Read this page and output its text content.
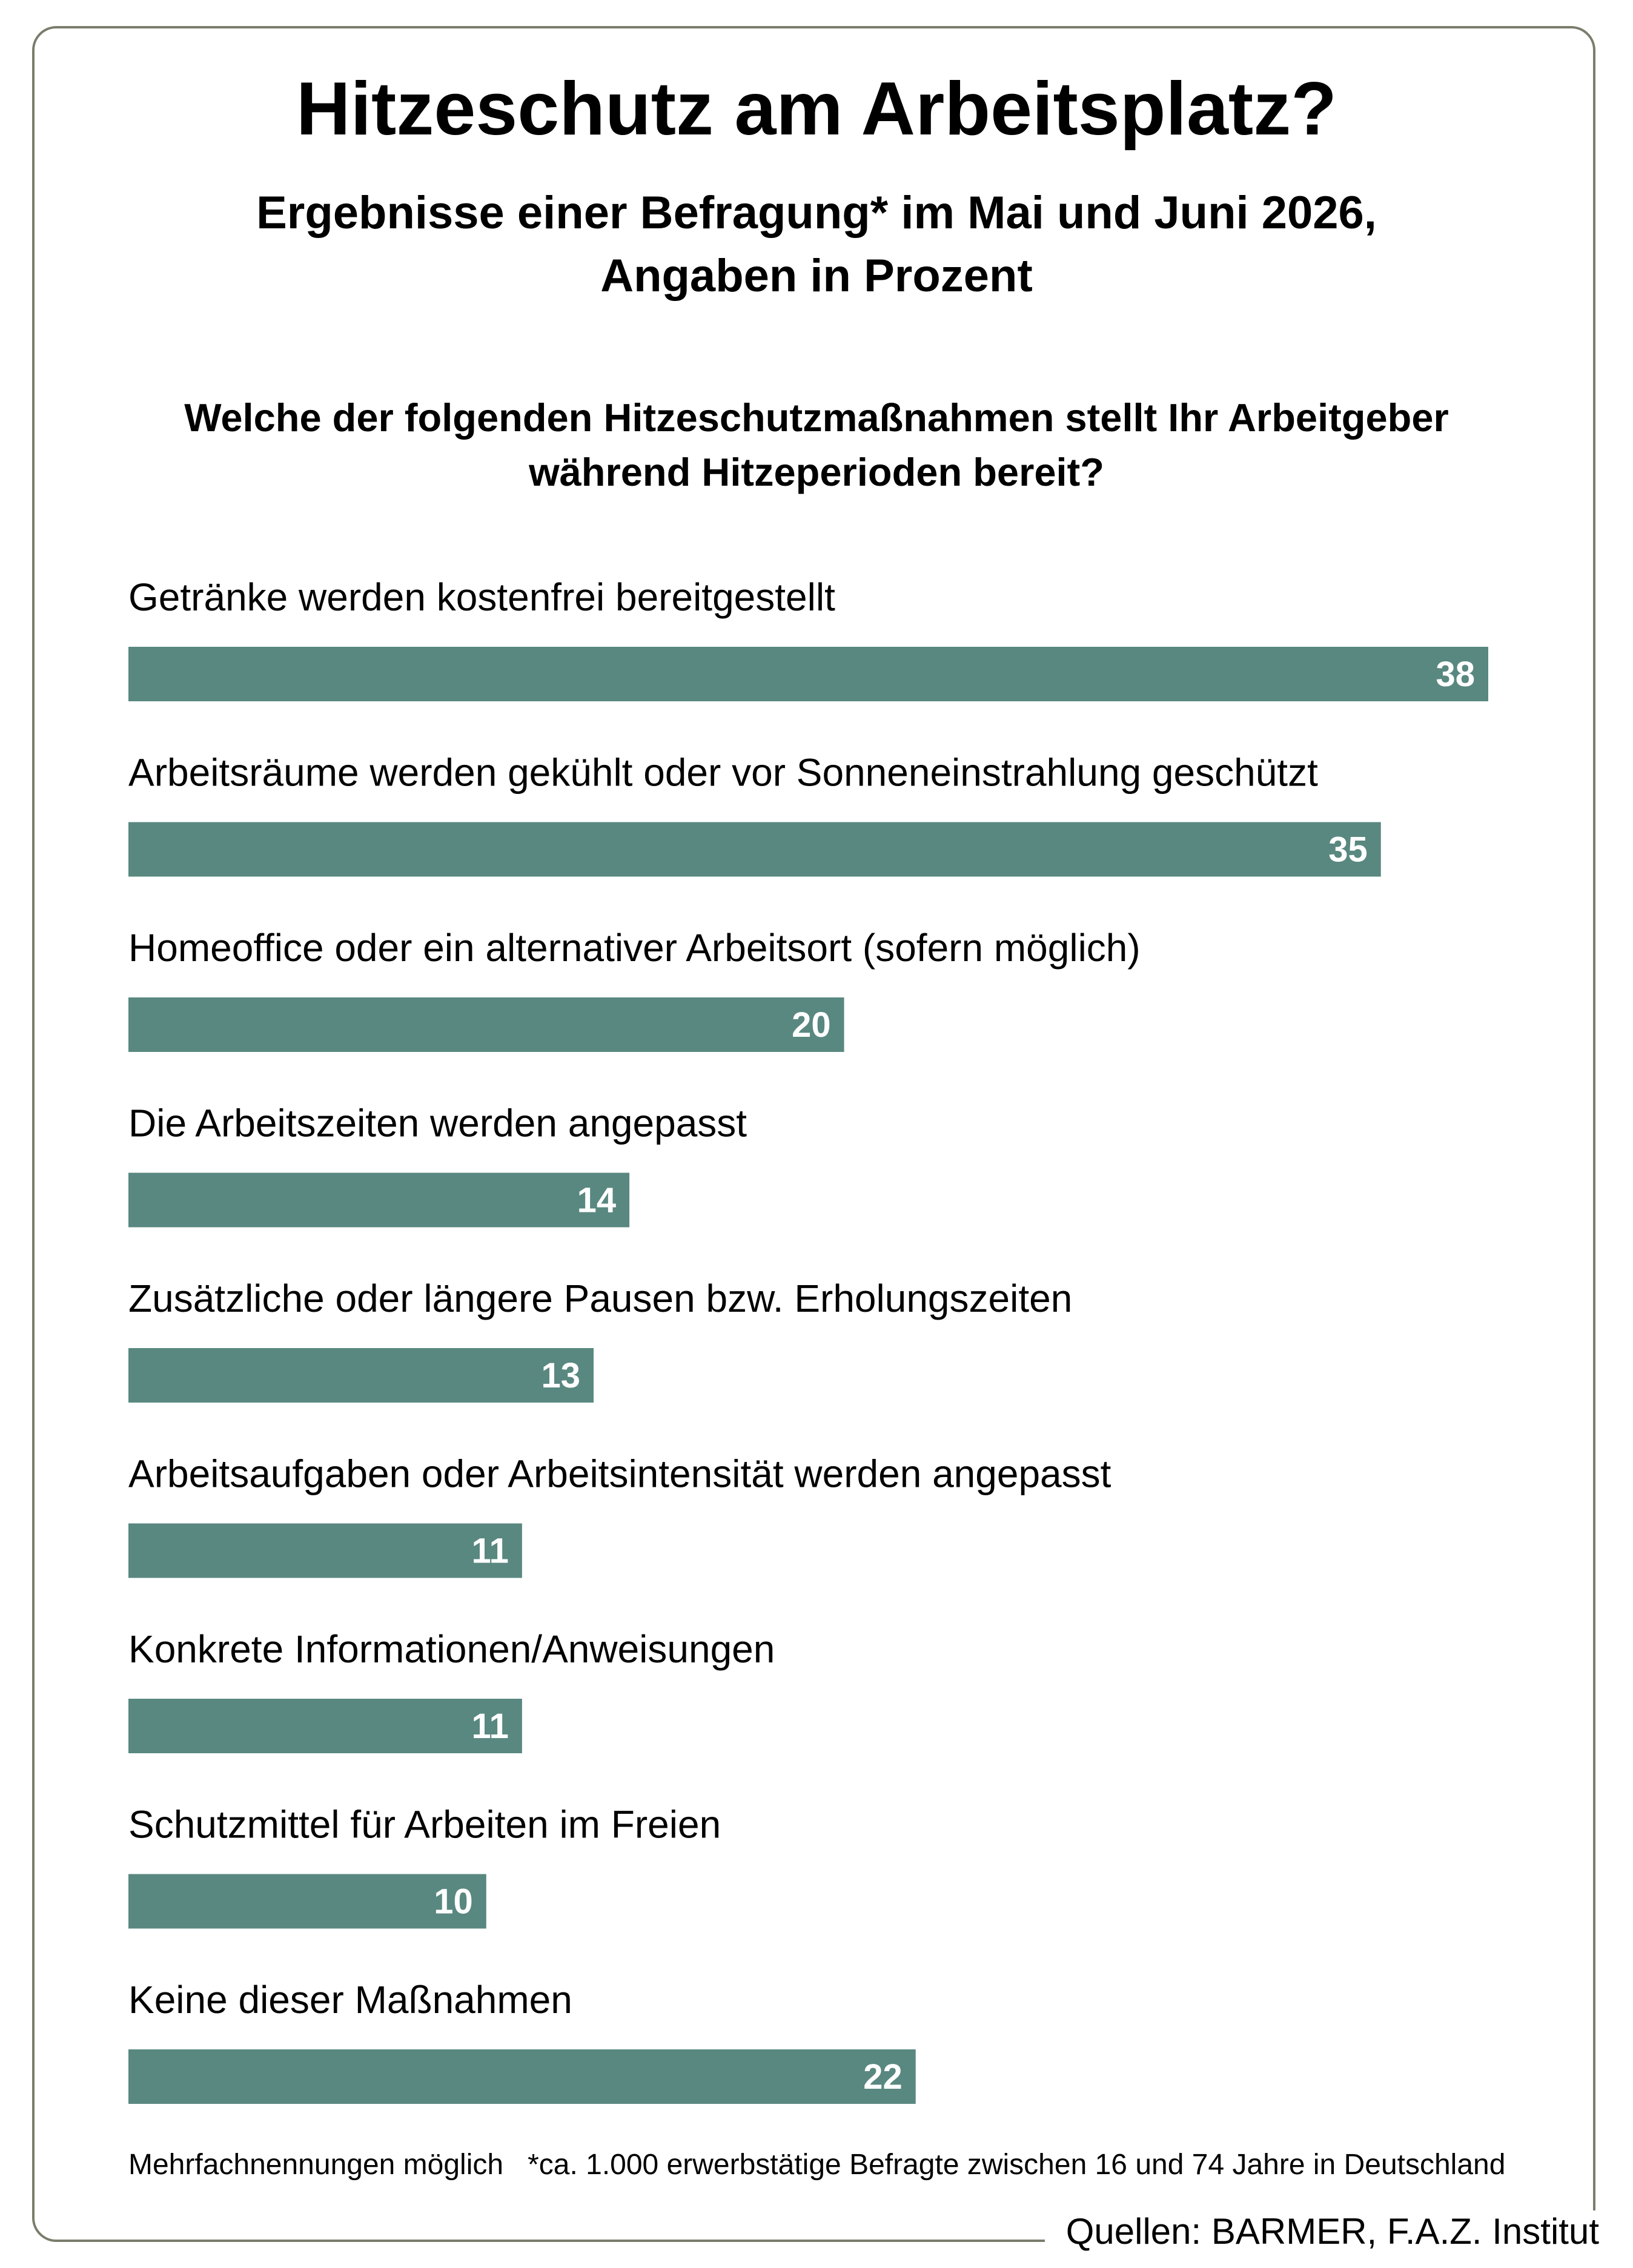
Hitzeschutz am Arbeitsplatz?
Ergebnisse einer Befragung* im Mai und Juni 2026,
Angaben in Prozent
Welche der folgenden Hitzeschutzmaßnahmen stellt Ihr Arbeitgeber
während Hitzeperioden bereit?
Getränke werden kostenfrei bereitgestellt
38
Arbeitsräume werden gekühlt oder vor Sonneneinstrahlung geschützt
35
Homeoffice oder ein alternativer Arbeitsort (sofern möglich)
20
Die Arbeitszeiten werden angepasst
14
Zusätzliche oder längere Pausen bzw. Erholungszeiten
13
Arbeitsaufgaben oder Arbeitsintensität werden angepasst
11
Konkrete Informationen/Anweisungen
11
Schutzmittel für Arbeiten im Freien
10
Keine dieser Maßnahmen
22
Mehrfachnennungen möglich   *ca. 1.000 erwerbstätige Befragte zwischen 16 und 74 Jahre in Deutschland
Quellen: BARMER, F.A.Z. Institut
